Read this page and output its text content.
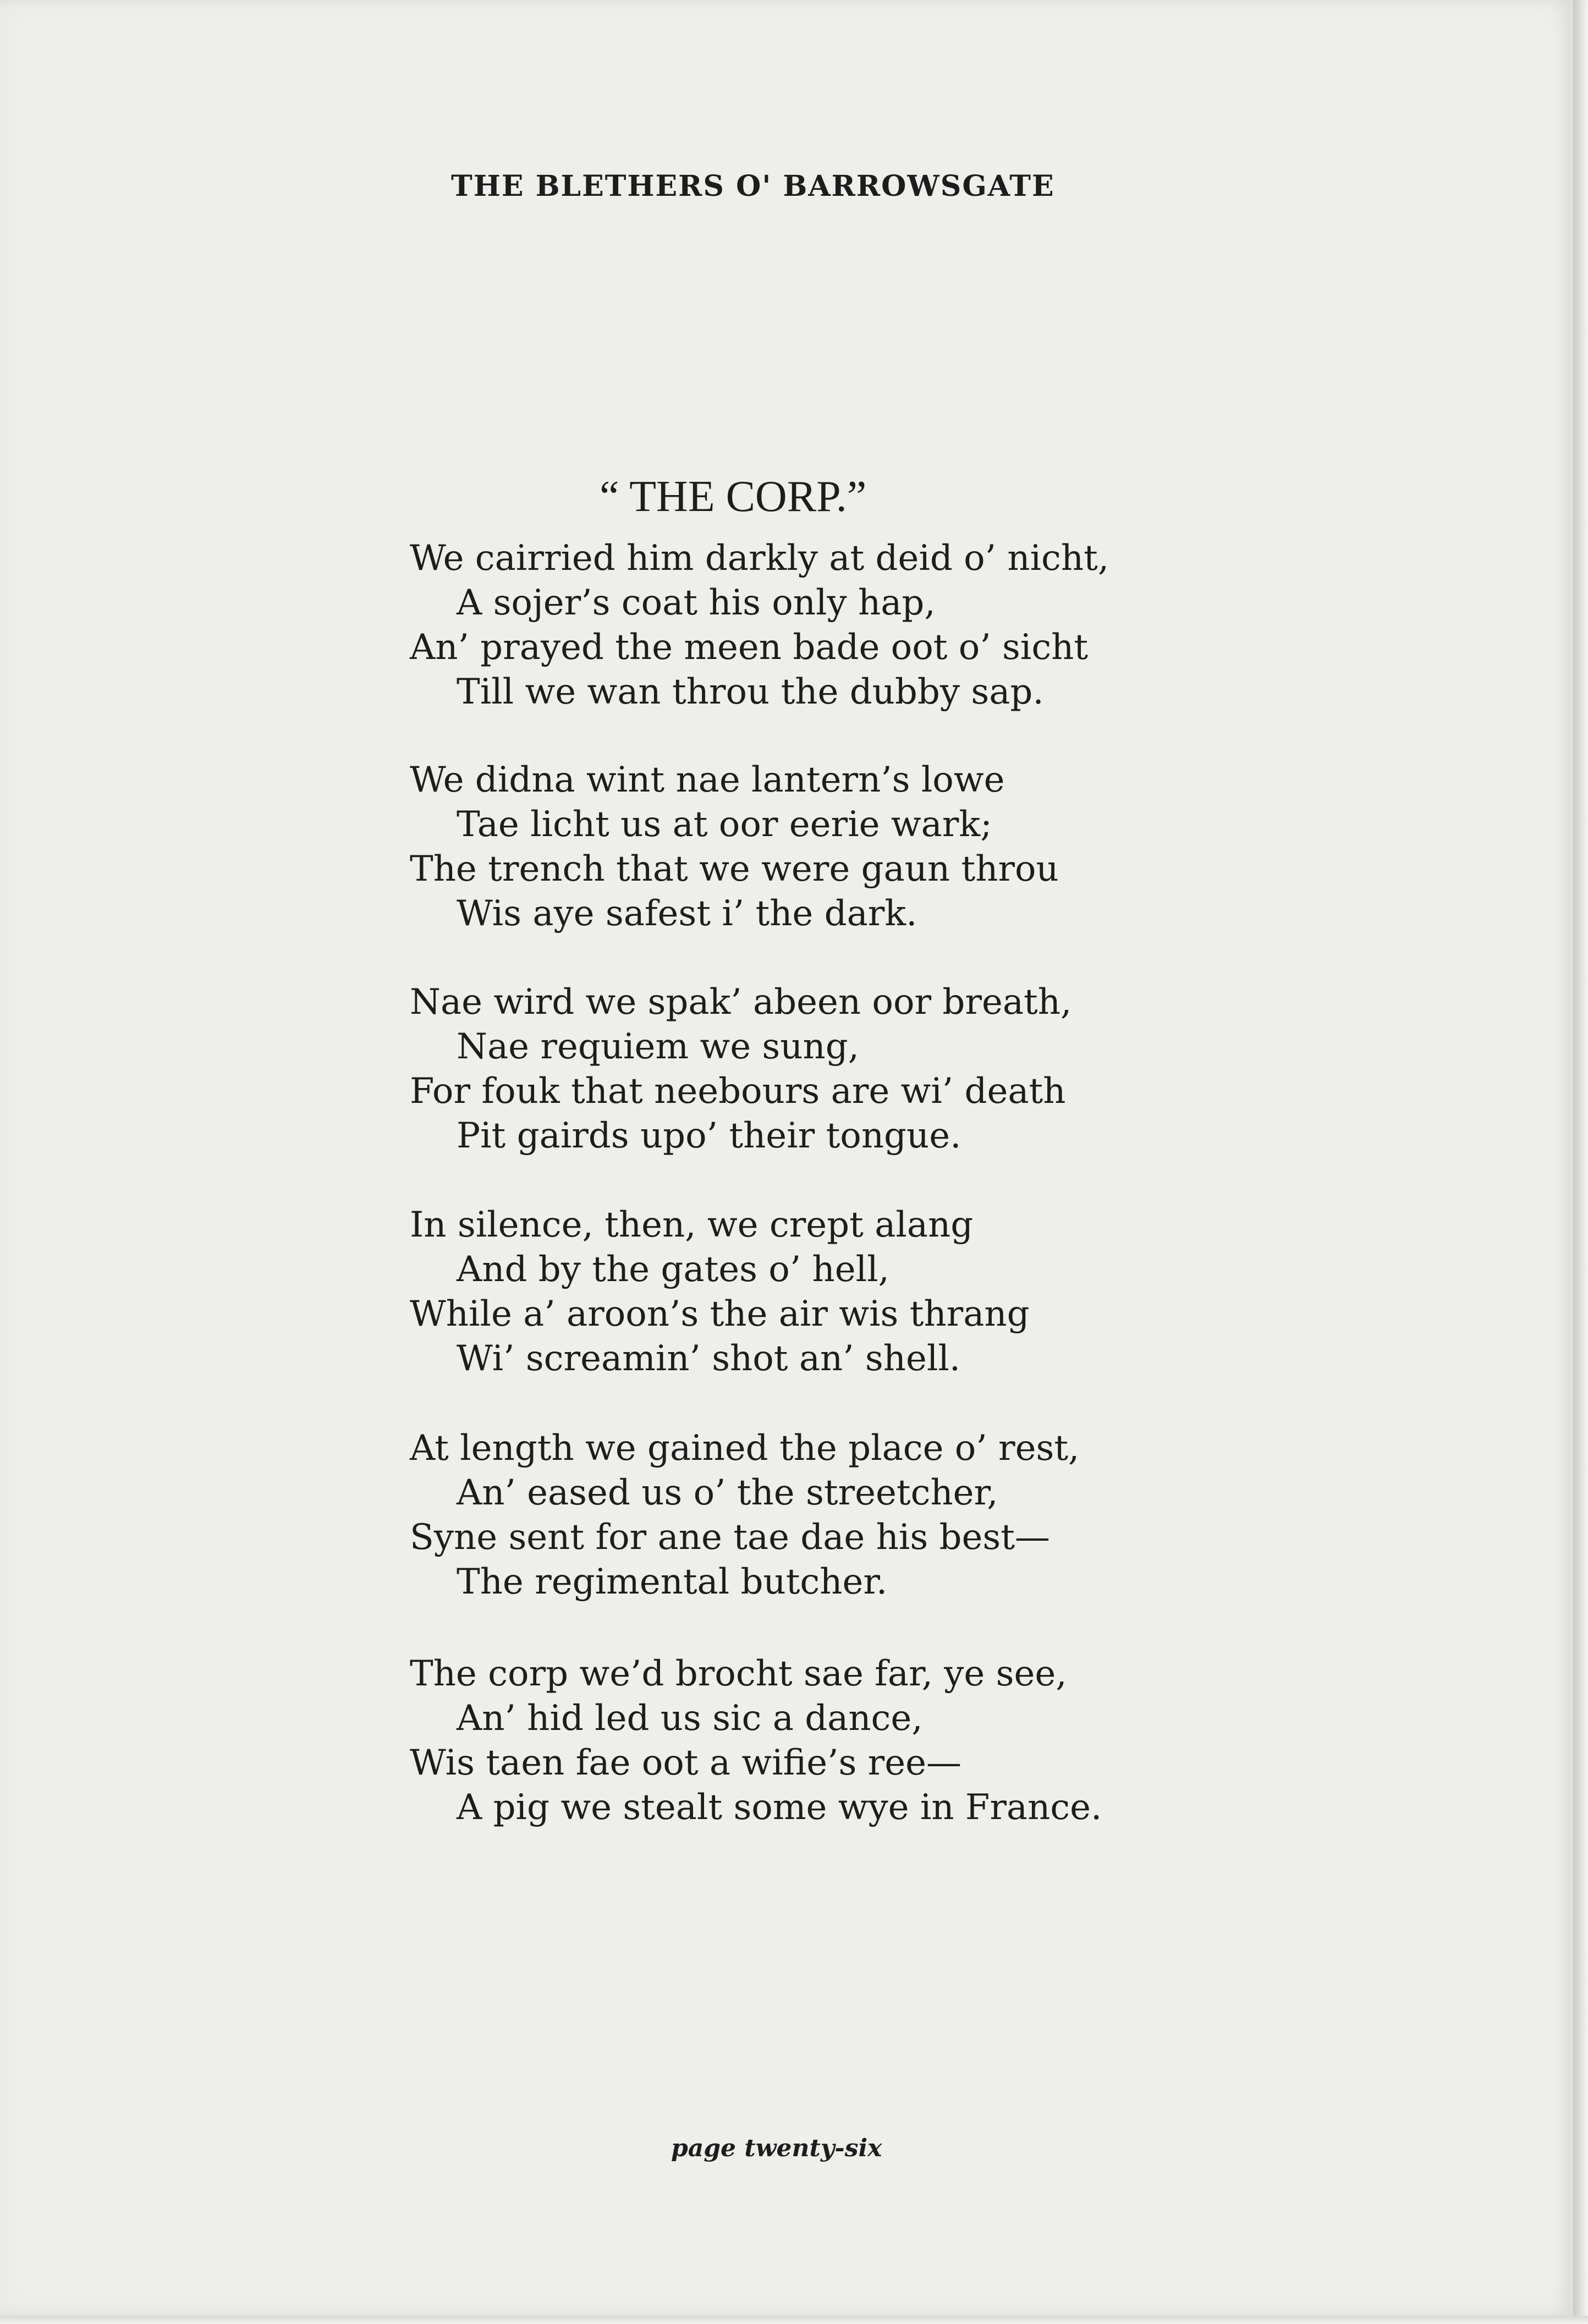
THE BLETHERS O' BARROWSGATE
“ THE CORP.”
We cairried him darkly at deid o’ nicht,
A sojer’s coat his only hap,
An’ prayed the meen bade oot o’ sicht
Till we wan throu the dubby sap.
We didna wint nae lantern’s lowe
Tae licht us at oor eerie wark;
The trench that we were gaun throu
Wis aye safest i’ the dark.
Nae wird we spak’ abeen oor breath,
Nae requiem we sung,
For fouk that neebours are wi’ death
Pit gairds upo’ their tongue.
In silence, then, we crept alang
And by the gates o’ hell,
While a’ aroon’s the air wis thrang
Wi’ screamin’ shot an’ shell.
At length we gained the place o’ rest,
An’ eased us o’ the streetcher,
Syne sent for ane tae dae his best—
The regimental butcher.
The corp we’d brocht sae far, ye see,
An’ hid led us sic a dance,
Wis taen fae oot a wifie’s ree—
A pig we stealt some wye in France.
page twenty-six
